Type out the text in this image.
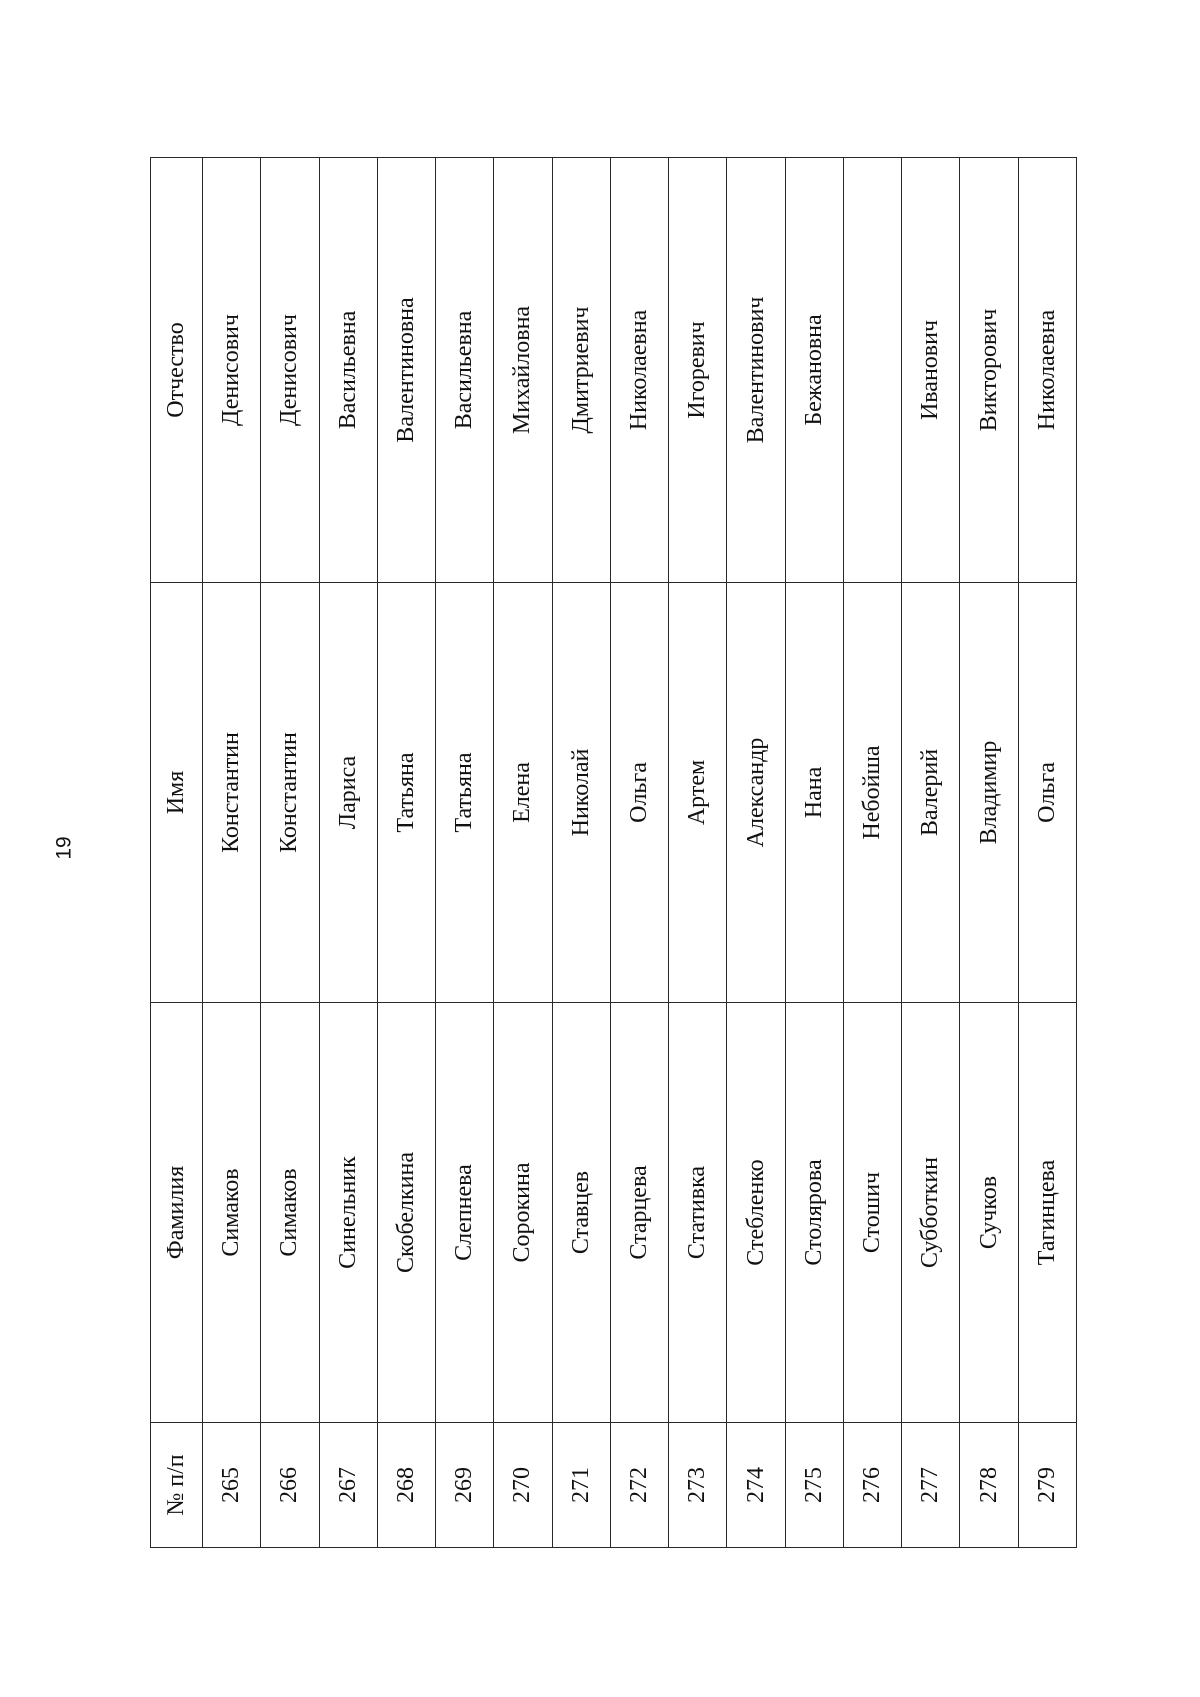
19
№ п/п	Фамилия	Имя	Отчество
265	Симаков	Константин	Денисович
266	Симаков	Константин	Денисович
267	Синельник	Лариса	Васильевна
268	Скобелкина	Татьяна	Валентиновна
269	Слепнева	Татьяна	Васильевна
270	Сорокина	Елена	Михайловна
271	Ставцев	Николай	Дмитриевич
272	Старцева	Ольга	Николаевна
273	Стативка	Артем	Игоревич
274	Стебленко	Александр	Валентинович
275	Столярова	Нана	Бежановна
276	Стошич	Небойша	
277	Субботкин	Валерий	Иванович
278	Сучков	Владимир	Викторович
279	Тагинцева	Ольга	Николаевна
